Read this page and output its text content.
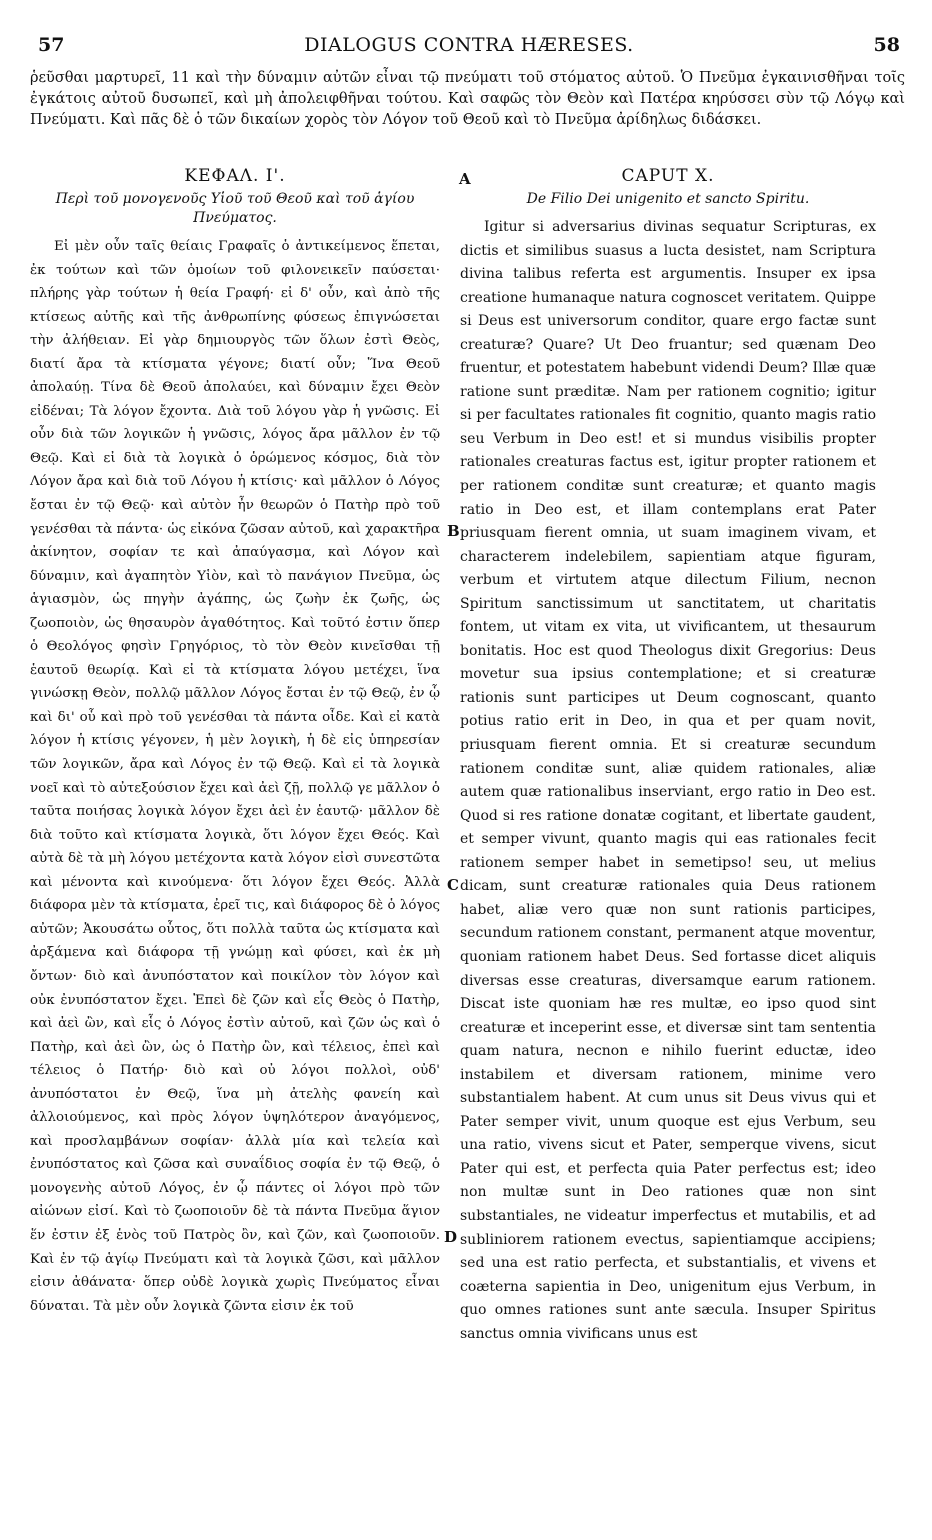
57	DIALOGUS CONTRA HÆRESES.	58

ῥεῦσθαι μαρτυρεῖ, 11 καὶ τὴν δύναμιν αὐτῶν εἶναι τῷ πνεύματι τοῦ στόματος αὐτοῦ. Ὁ Πνεῦμα ἐγκαινισθῆναι τοῖς ἐγκάτοις αὐτοῦ δυσωπεῖ, καὶ μὴ ἀπολειφθῆναι τούτου. Καὶ σαφῶς τὸν Θεὸν καὶ Πατέρα κηρύσσει σὺν τῷ Λόγῳ καὶ Πνεύματι. Καὶ πᾶς δὲ ὁ τῶν δικαίων χορὸς τὸν Λόγον τοῦ Θεοῦ καὶ τὸ Πνεῦμα ἀρίδηλως διδάσκει.

ΚΕΦΑΛ. Ι'.
Περὶ τοῦ μονογενοῦς Υἱοῦ τοῦ Θεοῦ καὶ τοῦ ἁγίου Πνεύματος.

Εἰ μὲν οὖν ταῖς θείαις Γραφαῖς ὁ ἀντικείμενος ἕπεται, ἐκ τούτων καὶ τῶν ὁμοίων τοῦ φιλονεικεῖν παύσεται· πλήρης γὰρ τούτων ἡ θεία Γραφή· εἰ δ' οὖν, καὶ ἀπὸ τῆς κτίσεως αὐτῆς καὶ τῆς ἀνθρωπίνης φύσεως ἐπιγνώσεται τὴν ἀλήθειαν. Εἰ γὰρ δημιουργὸς τῶν ὅλων ἐστὶ Θεὸς, διατί ἄρα τὰ κτίσματα γέγονε; διατί οὖν; Ἵνα Θεοῦ ἀπολαύῃ. Τίνα δὲ Θεοῦ ἀπολαύει, καὶ δύναμιν ἔχει Θεὸν εἰδέναι; Τὰ λόγον ἔχοντα. Διὰ τοῦ λόγου γὰρ ἡ γνῶσις. Εἰ οὖν διὰ τῶν λογικῶν ἡ γνῶσις, λόγος ἄρα μᾶλλον ἐν τῷ Θεῷ. Καὶ εἰ διὰ τὰ λογικὰ ὁ ὁρώμενος κόσμος, διὰ τὸν Λόγον ἄρα καὶ διὰ τοῦ Λόγου ἡ κτίσις· καὶ μᾶλλον ὁ Λόγος ἔσται ἐν τῷ Θεῷ· καὶ αὐτὸν ἦν θεωρῶν ὁ Πατὴρ πρὸ τοῦ γενέσθαι τὰ πάντα· ὡς εἰκόνα ζῶσαν αὐτοῦ, καὶ χαρακτῆρα ἀκίνητον, σοφίαν τε καὶ ἀπαύγασμα, καὶ Λόγον καὶ δύναμιν, καὶ ἀγαπητὸν Υἱὸν, καὶ τὸ πανάγιον Πνεῦμα, ὡς ἁγιασμὸν, ὡς πηγὴν ἀγάπης, ὡς ζωὴν ἐκ ζωῆς, ὡς ζωοποιὸν, ὡς θησαυρὸν ἀγαθότητος. Καὶ τοῦτό ἐστιν ὅπερ ὁ Θεολόγος φησὶν Γρηγόριος, τὸ τὸν Θεὸν κινεῖσθαι τῇ ἑαυτοῦ θεωρίᾳ. Καὶ εἰ τὰ κτίσματα λόγου μετέχει, ἵνα γινώσκῃ Θεὸν, πολλῷ μᾶλλον Λόγος ἔσται ἐν τῷ Θεῷ, ἐν ᾧ καὶ δι' οὗ καὶ πρὸ τοῦ γενέσθαι τὰ πάντα οἶδε. Καὶ εἰ κατὰ λόγον ἡ κτίσις γέγονεν, ἡ μὲν λογικὴ, ἡ δὲ εἰς ὑπηρεσίαν τῶν λογικῶν, ἄρα καὶ Λόγος ἐν τῷ Θεῷ. Καὶ εἰ τὰ λογικὰ νοεῖ καὶ τὸ αὐτεξούσιον ἔχει καὶ ἀεὶ ζῇ, πολλῷ γε μᾶλλον ὁ ταῦτα ποιήσας λογικὰ λόγον ἔχει ἀεὶ ἐν ἑαυτῷ· μᾶλλον δὲ διὰ τοῦτο καὶ κτίσματα λογικὰ, ὅτι λόγον ἔχει Θεός. Καὶ αὐτὰ δὲ τὰ μὴ λόγου μετέχοντα κατὰ λόγον εἰσὶ συνεστῶτα καὶ μένοντα καὶ κινούμενα· ὅτι λόγον ἔχει Θεός. Ἀλλὰ διάφορα μὲν τὰ κτίσματα, ἐρεῖ τις, καὶ διάφορος δὲ ὁ λόγος αὐτῶν; Ἀκουσάτω οὗτος, ὅτι πολλὰ ταῦτα ὡς κτίσματα καὶ ἀρξάμενα καὶ διάφορα τῇ γνώμῃ καὶ φύσει, καὶ ἐκ μὴ ὄντων· διὸ καὶ ἀνυπόστατον καὶ ποικίλον τὸν λόγον καὶ οὐκ ἐνυπόστατον ἔχει. Ἐπεὶ δὲ ζῶν καὶ εἷς Θεὸς ὁ Πατὴρ, καὶ ἀεὶ ὢν, καὶ εἷς ὁ Λόγος ἐστὶν αὐτοῦ, καὶ ζῶν ὡς καὶ ὁ Πατὴρ, καὶ ἀεὶ ὢν, ὡς ὁ Πατὴρ ὢν, καὶ τέλειος, ἐπεὶ καὶ τέλειος ὁ Πατήρ· διὸ καὶ οὐ λόγοι πολλοὶ, οὐδ' ἀνυπόστατοι ἐν Θεῷ, ἵνα μὴ ἀτελὴς φανείη καὶ ἀλλοιούμενος, καὶ πρὸς λόγον ὑψηλότερον ἀναγόμενος, καὶ προσλαμβάνων σοφίαν· ἀλλὰ μία καὶ τελεία καὶ ἐνυπόστατος καὶ ζῶσα καὶ συναΐδιος σοφία ἐν τῷ Θεῷ, ὁ μονογενὴς αὐτοῦ Λόγος, ἐν ᾧ πάντες οἱ λόγοι πρὸ τῶν αἰώνων εἰσί. Καὶ τὸ ζωοποιοῦν δὲ τὰ πάντα Πνεῦμα ἅγιον ἕν ἐστιν ἐξ ἑνὸς τοῦ Πατρὸς ὂν, καὶ ζῶν, καὶ ζωοποιοῦν. Καὶ ἐν τῷ ἁγίῳ Πνεύματι καὶ τὰ λογικὰ ζῶσι, καὶ μᾶλλον εἰσιν ἀθάνατα· ὅπερ οὐδὲ λογικὰ χωρὶς Πνεύματος εἶναι δύναται. Τὰ μὲν οὖν λογικὰ ζῶντα εἰσιν ἐκ τοῦ

CAPUT X.
De Filio Dei unigenito et sancto Spiritu.

Igitur si adversarius divinas sequatur Scripturas, ex dictis et similibus suasus a lucta desistet, nam Scriptura divina talibus referta est argumentis. Insuper ex ipsa creatione humanaque natura cognoscet veritatem. Quippe si Deus est universorum conditor, quare ergo factæ sunt creaturæ? Quare? Ut Deo fruantur; sed quænam Deo fruentur, et potestatem habebunt videndi Deum? Illæ quæ ratione sunt præditæ. Nam per rationem cognitio; igitur si per facultates rationales fit cognitio, quanto magis ratio seu Verbum in Deo est! et si mundus visibilis propter rationales creaturas factus est, igitur propter rationem et per rationem conditæ sunt creaturæ; et quanto magis ratio in Deo est, et illam contemplans erat Pater priusquam fierent omnia, ut suam imaginem vivam, et characterem indelebilem, sapientiam atque figuram, verbum et virtutem atque dilectum Filium, necnon Spiritum sanctissimum ut sanctitatem, ut charitatis fontem, ut vitam ex vita, ut vivificantem, ut thesaurum bonitatis. Hoc est quod Theologus dixit Gregorius: Deus movetur sua ipsius contemplatione; et si creaturæ rationis sunt participes ut Deum cognoscant, quanto potius ratio erit in Deo, in qua et per quam novit, priusquam fierent omnia. Et si creaturæ secundum rationem conditæ sunt, aliæ quidem rationales, aliæ autem quæ rationalibus inserviant, ergo ratio in Deo est. Quod si res ratione donatæ cogitant, et libertate gaudent, et semper vivunt, quanto magis qui eas rationales fecit rationem semper habet in semetipso! seu, ut melius dicam, sunt creaturæ rationales quia Deus rationem habet, aliæ vero quæ non sunt rationis participes, secundum rationem constant, permanent atque moventur, quoniam rationem habet Deus. Sed fortasse dicet aliquis diversas esse creaturas, diversamque earum rationem. Discat iste quoniam hæ res multæ, eo ipso quod sint creaturæ et inceperint esse, et diversæ sint tam sententia quam natura, necnon e nihilo fuerint eductæ, ideo instabilem et diversam rationem, minime vero substantialem habent. At cum unus sit Deus vivus qui et Pater semper vivit, unum quoque est ejus Verbum, seu una ratio, vivens sicut et Pater, semperque vivens, sicut Pater qui est, et perfecta quia Pater perfectus est; ideo non multæ sunt in Deo rationes quæ non sint substantiales, ne videatur imperfectus et mutabilis, et ad subliniorem rationem evectus, sapientiamque accipiens; sed una est ratio perfecta, et substantialis, et vivens et coæterna sapientia in Deo, unigenitum ejus Verbum, in quo omnes rationes sunt ante sæcula. Insuper Spiritus sanctus omnia vivificans unus est

A
B
C
D
